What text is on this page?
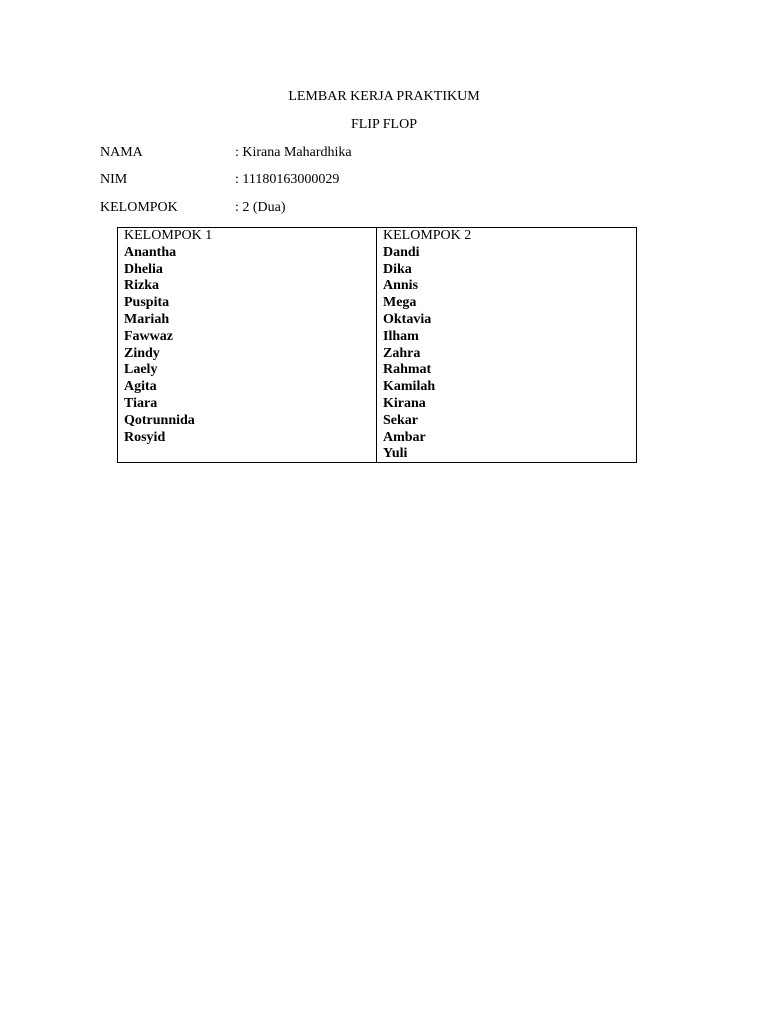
LEMBAR KERJA PRAKTIKUM
FLIP FLOP
NAMA	: Kirana Mahardhika
NIM	: 11180163000029
KELOMPOK	: 2 (Dua)
KELOMPOK 1
Anantha
Dhelia
Rizka
Puspita
Mariah
Fawwaz
Zindy
Laely
Agita
Tiara
Qotrunnida
Rosyid
KELOMPOK 2
Dandi
Dika
Annis
Mega
Oktavia
Ilham
Zahra
Rahmat
Kamilah
Kirana
Sekar
Ambar
Yuli
